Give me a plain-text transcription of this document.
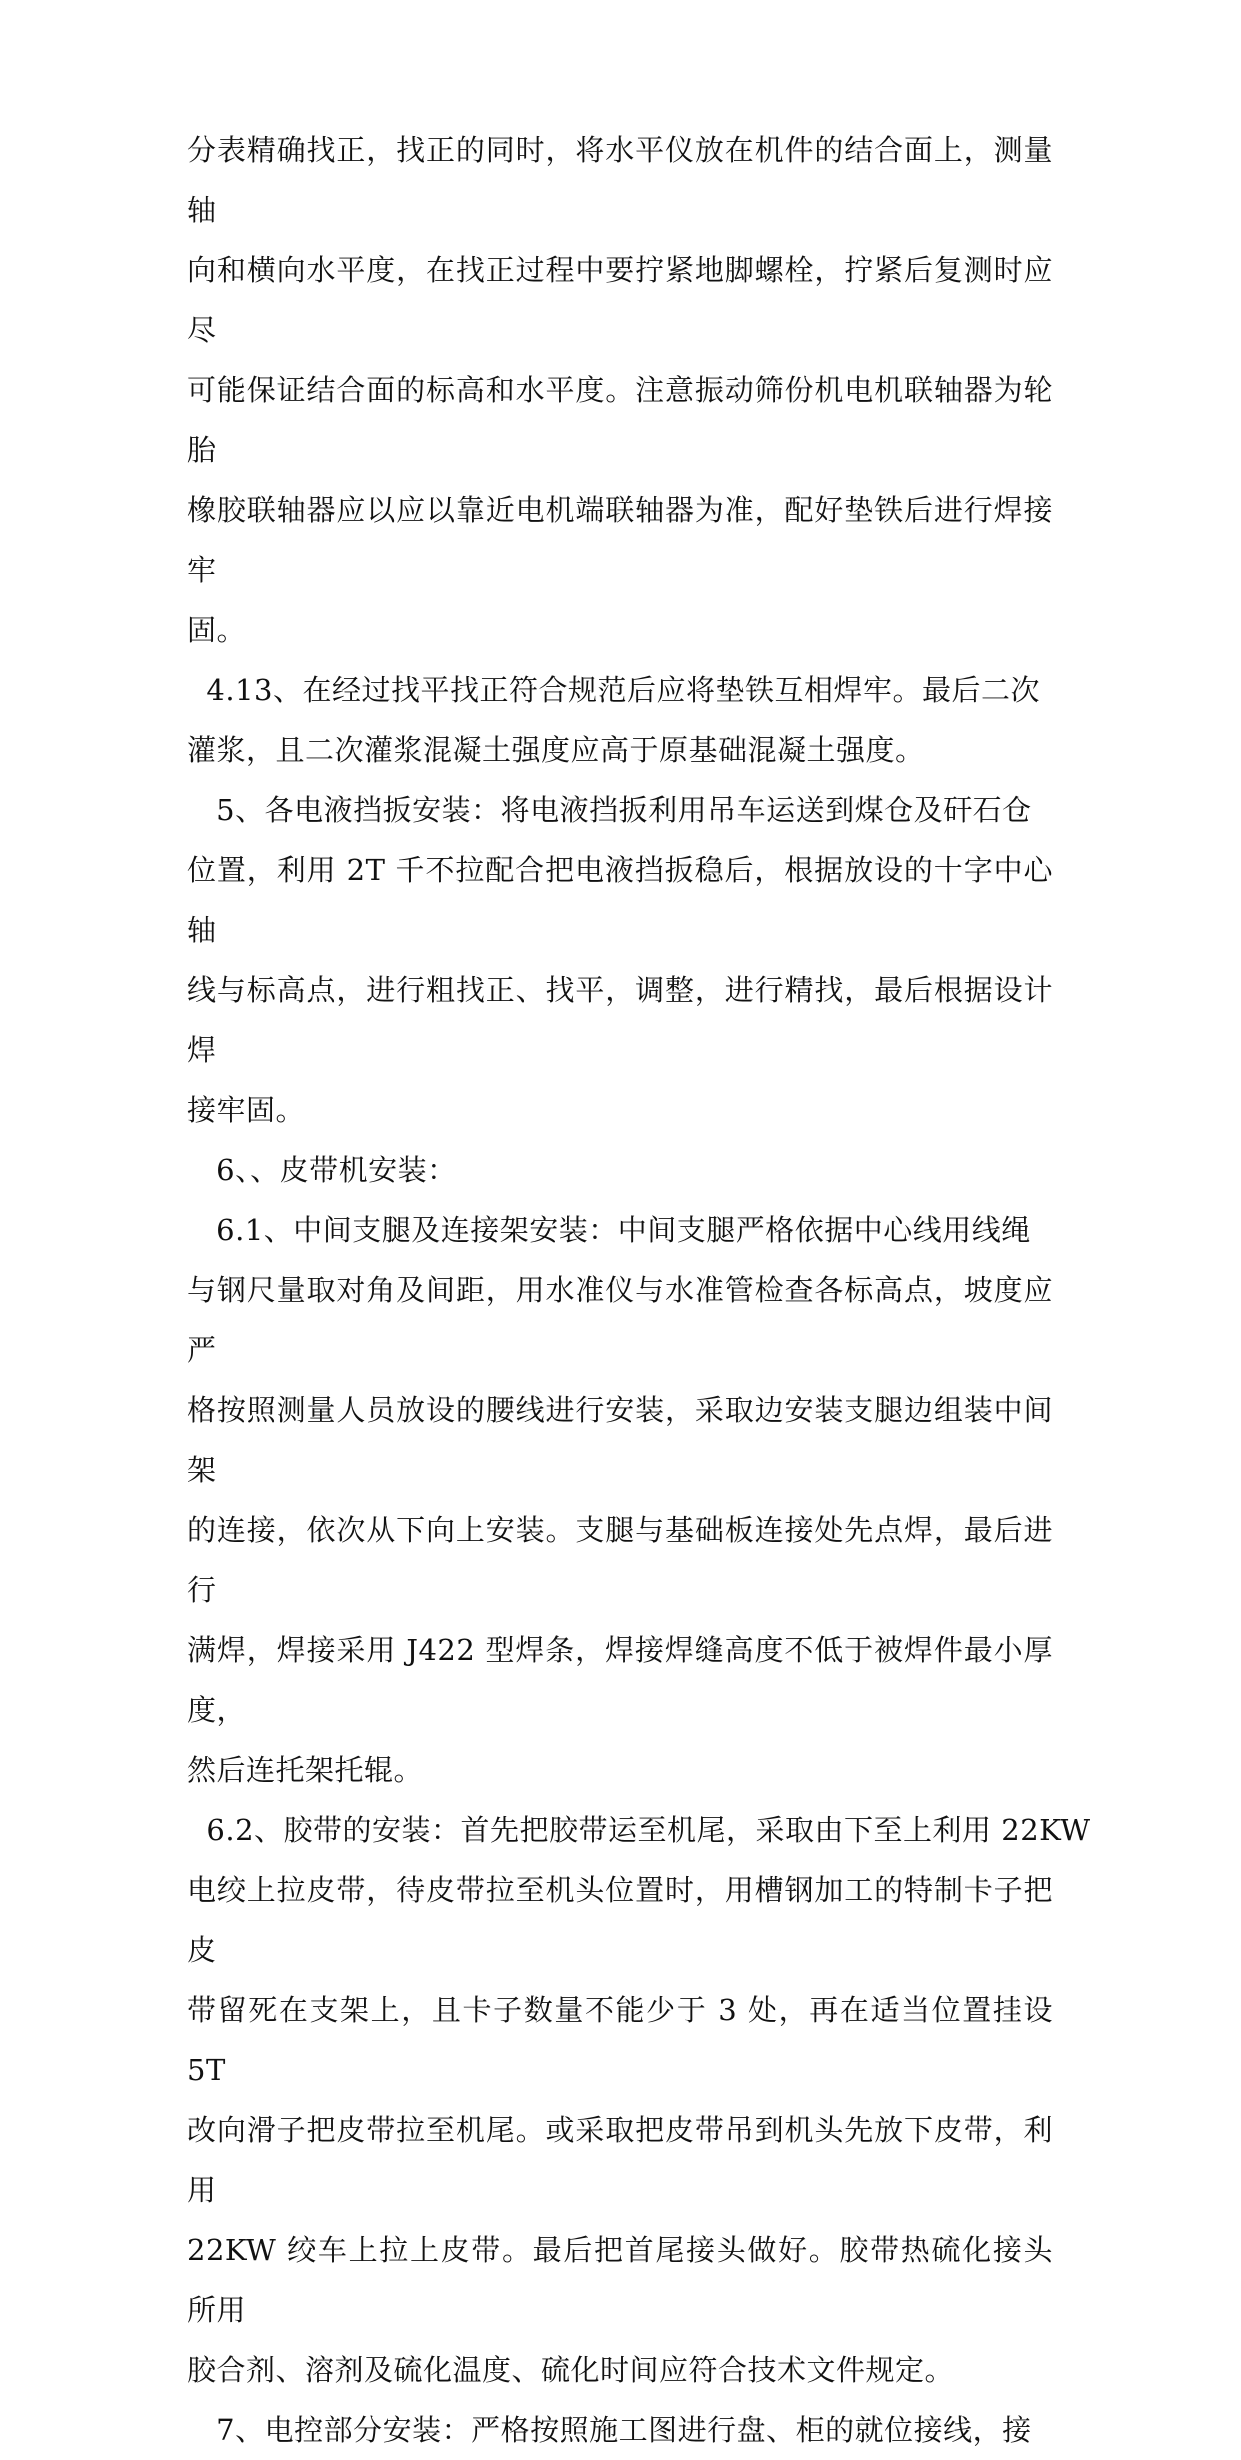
分表精确找正，找正的同时，将水平仪放在机件的结合面上，测量轴
向和横向水平度，在找正过程中要拧紧地脚螺栓，拧紧后复测时应尽
可能保证结合面的标高和水平度。注意振动筛份机电机联轴器为轮胎
橡胶联轴器应以应以靠近电机端联轴器为准，配好垫铁后进行焊接牢
固。
4.13、在经过找平找正符合规范后应将垫铁互相焊牢。最后二次
灌浆，且二次灌浆混凝土强度应高于原基础混凝土强度。
5、各电液挡扳安装：将电液挡扳利用吊车运送到煤仓及矸石仓
位置，利用 2T 千不拉配合把电液挡扳稳后，根据放设的十字中心轴
线与标高点，进行粗找正、找平，调整，进行精找，最后根据设计焊
接牢固。
6、、皮带机安装：
6.1、中间支腿及连接架安装：中间支腿严格依据中心线用线绳
与钢尺量取对角及间距，用水准仪与水准管检查各标高点，坡度应严
格按照测量人员放设的腰线进行安装，采取边安装支腿边组装中间架
的连接，依次从下向上安装。支腿与基础板连接处先点焊，最后进行
满焊，焊接采用 J422 型焊条，焊接焊缝高度不低于被焊件最小厚度，
然后连托架托辊。
6.2、胶带的安装：首先把胶带运至机尾，采取由下至上利用 22KW
电绞上拉皮带，待皮带拉至机头位置时，用槽钢加工的特制卡子把皮
带留死在支架上，且卡子数量不能少于 3 处，再在适当位置挂设 5T
改向滑子把皮带拉至机尾。或采取把皮带吊到机头先放下皮带，利用
22KW 绞车上拉上皮带。最后把首尾接头做好。胶带热硫化接头所用
胶合剂、溶剂及硫化温度、硫化时间应符合技术文件规定。
7、电控部分安装：严格按照施工图进行盘、柜的就位接线，接
